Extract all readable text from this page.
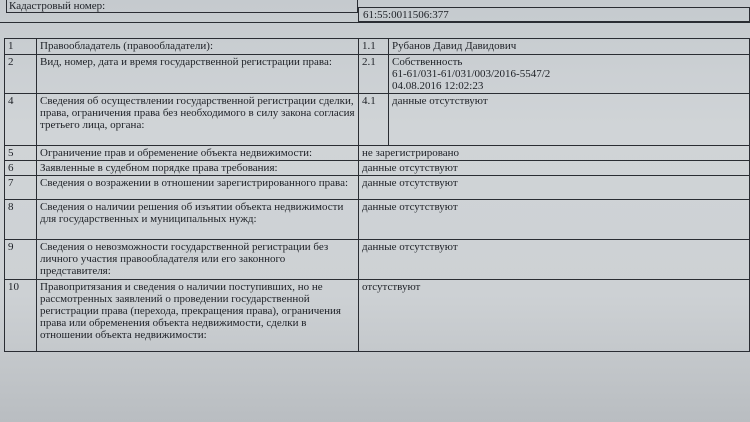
Кадастровый номер:
61:55:0011506:377
1	Правообладатель (правообладатели):	1.1	Рубанов Давид Давидович
2	Вид, номер, дата и время государственной регистрации права:	2.1	Собственность
61-61/031-61/031/003/2016-5547/2
04.08.2016 12:02:23
4	Сведения об осуществлении государственной регистрации сделки, права, ограничения права без необходимого в силу закона согласия третьего лица, органа:	4.1	данные отсутствуют
5	Ограничение прав и обременение объекта недвижимости:	не зарегистрировано	
6	Заявленные в судебном порядке права требования:	данные отсутствуют	
7	Сведения о возражении в отношении зарегистрированного права:	данные отсутствуют	
8	Сведения о наличии решения об изъятии объекта недвижимости для государственных и муниципальных нужд:	данные отсутствуют	
9	Сведения о невозможности государственной регистрации без личного участия правообладателя или его законного представителя:	данные отсутствуют	
10	Правопритязания и сведения о наличии поступивших, но не рассмотренных заявлений о проведении государственной регистрации права (перехода, прекращения права), ограничения права или обременения объекта недвижимости, сделки в отношении объекта недвижимости:	отсутствуют	
